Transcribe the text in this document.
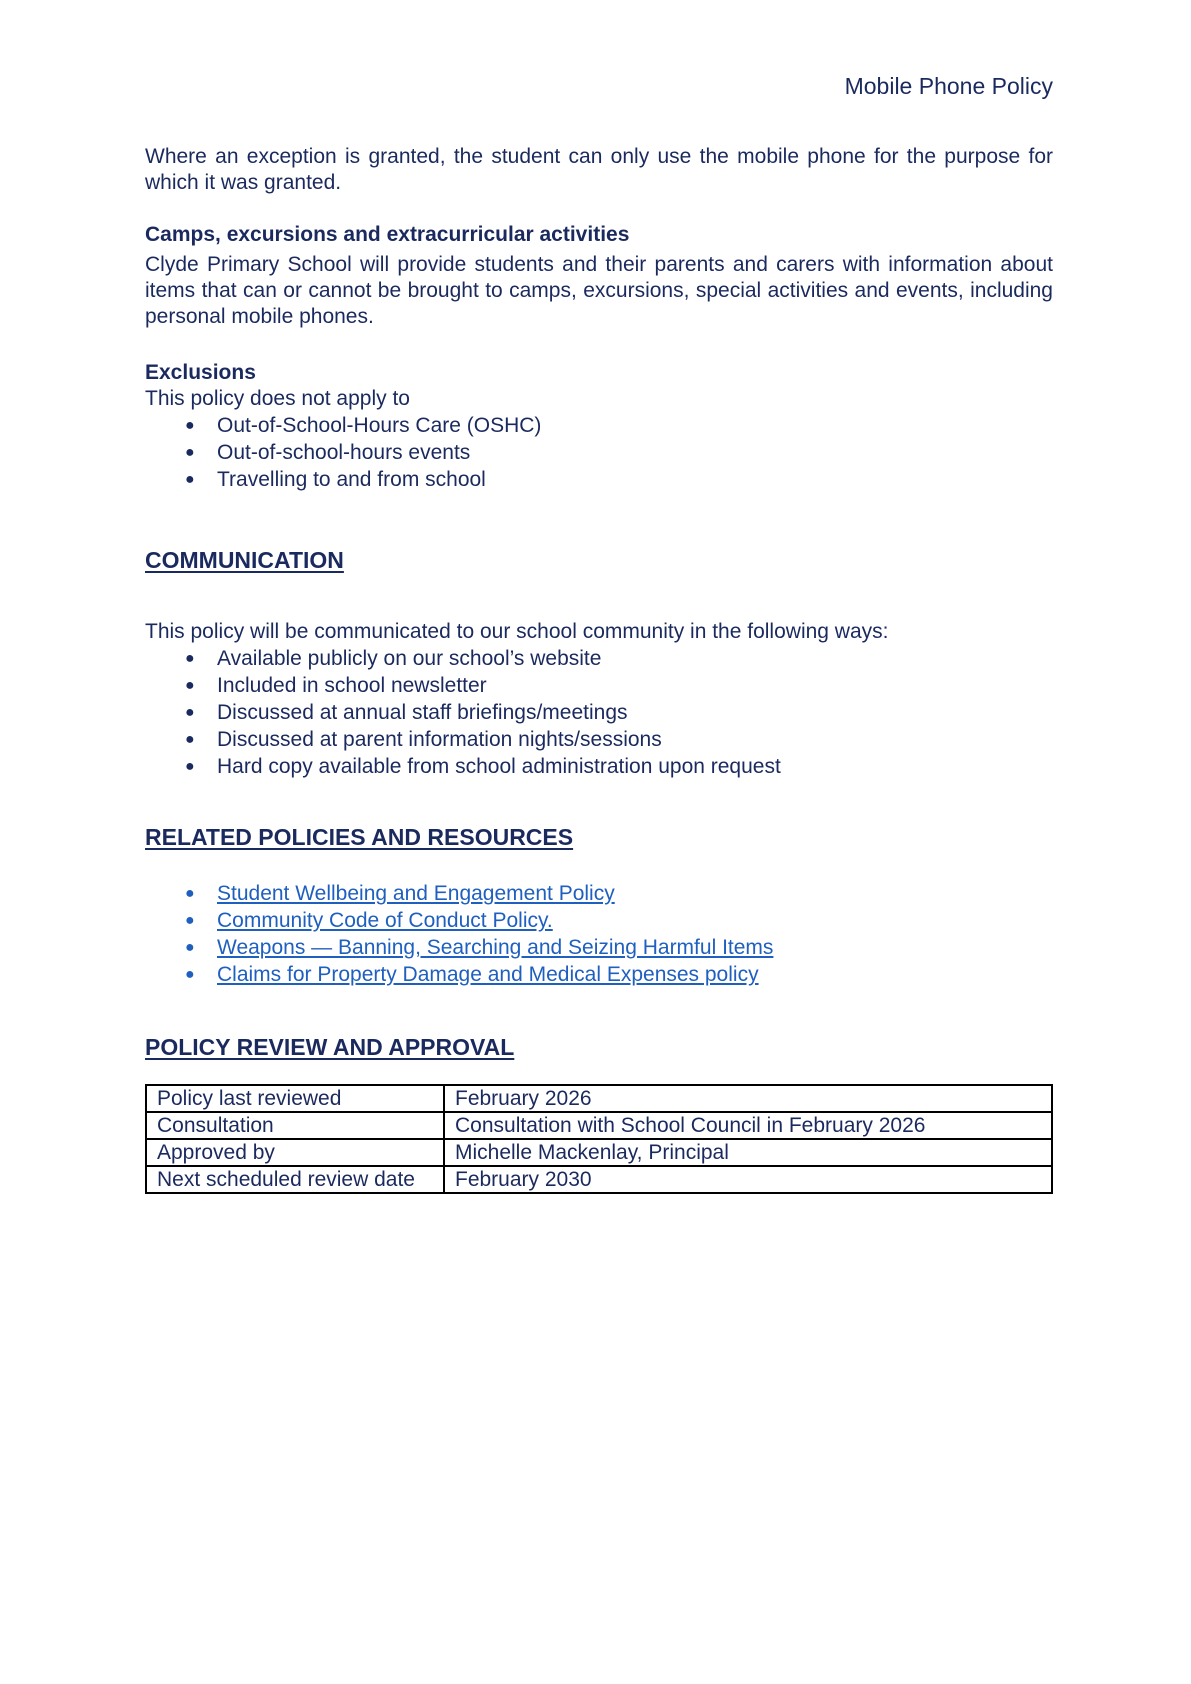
Mobile Phone Policy

Where an exception is granted, the student can only use the mobile phone for the purpose for which it was granted.

Camps, excursions and extracurricular activities

Clyde Primary School will provide students and their parents and carers with information about items that can or cannot be brought to camps, excursions, special activities and events, including personal mobile phones.

Exclusions

This policy does not apply to

● Out-of-School-Hours Care (OSHC)
● Out-of-school-hours events
● Travelling to and from school
COMMUNICATION

This policy will be communicated to our school community in the following ways:

● Available publicly on our school’s website
● Included in school newsletter
● Discussed at annual staff briefings/meetings
● Discussed at parent information nights/sessions
● Hard copy available from school administration upon request
RELATED POLICIES AND RESOURCES
● Student Wellbeing and Engagement Policy
● Community Code of Conduct Policy.
● Weapons — Banning, Searching and Seizing Harmful Items
● Claims for Property Damage and Medical Expenses policy
POLICY REVIEW AND APPROVAL
Policy last reviewed	February 2026
Consultation	Consultation with School Council in February 2026
Approved by	Michelle Mackenlay, Principal
Next scheduled review date	February 2030
